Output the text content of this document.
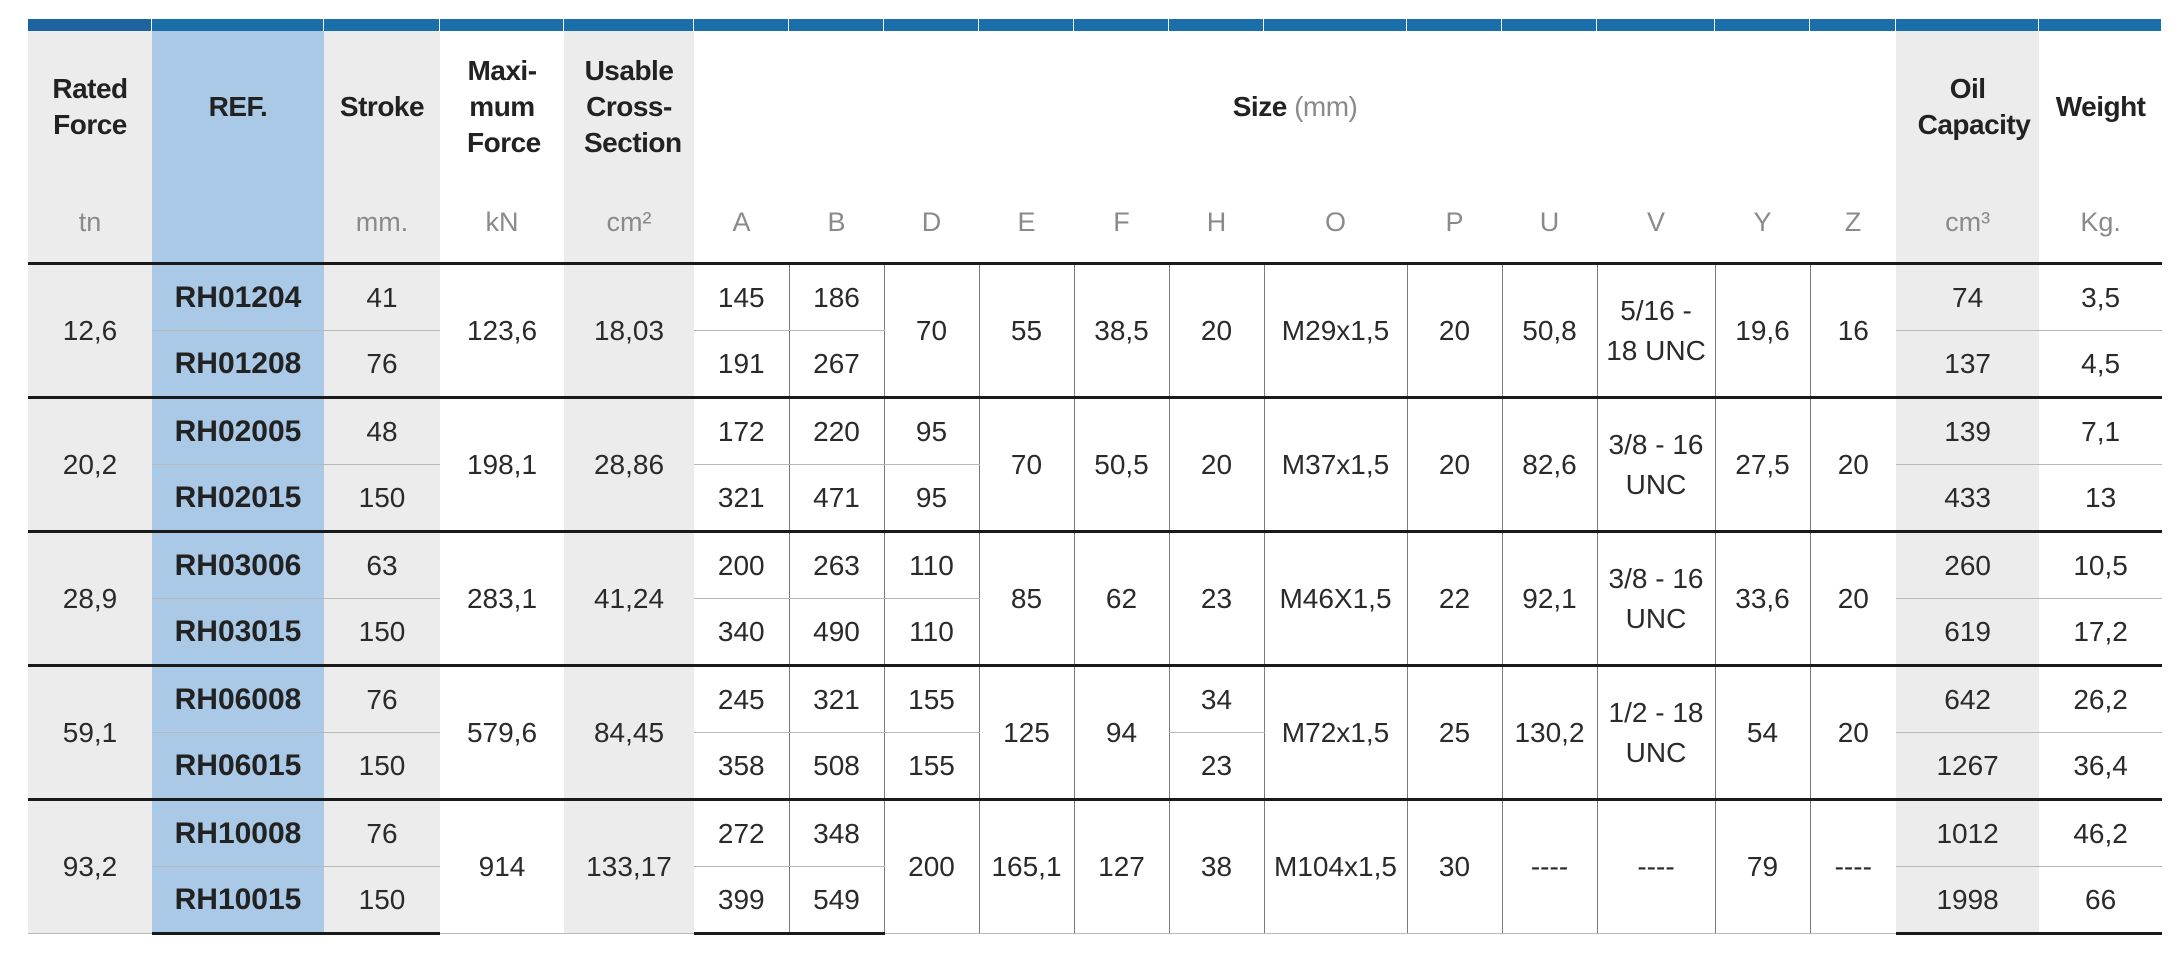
Rated Force	REF.	Stroke	Maxi- mum Force	Usable Cross- Section	Size (mm)												Oil Capacity	Weight
tn		mm.	kN	cm²	A	B	D	E	F	H	O	P	U	V	Y	Z	cm³	Kg.
12,6	RH01204	41	123,6	18,03	145	186	70	55	38,5	20	M29x1,5	20	50,8	5/16 - 18 UNC	19,6	16	74	3,5
	RH01208	76			191	267											137	4,5
20,2	RH02005	48	198,1	28,86	172	220	95	70	50,5	20	M37x1,5	20	82,6	3/8 - 16 UNC	27,5	20	139	7,1
	RH02015	150			321	471	95										433	13
28,9	RH03006	63	283,1	41,24	200	263	110	85	62	23	M46X1,5	22	92,1	3/8 - 16 UNC	33,6	20	260	10,5
	RH03015	150			340	490	110										619	17,2
59,1	RH06008	76	579,6	84,45	245	321	155	125	94	34	M72x1,5	25	130,2	1/2 - 18 UNC	54	20	642	26,2
	RH06015	150			358	508	155			23							1267	36,4
93,2	RH10008	76	914	133,17	272	348	200	165,1	127	38	M104x1,5	30	----	----	79	----	1012	46,2
	RH10015	150			399	549											1998	66
